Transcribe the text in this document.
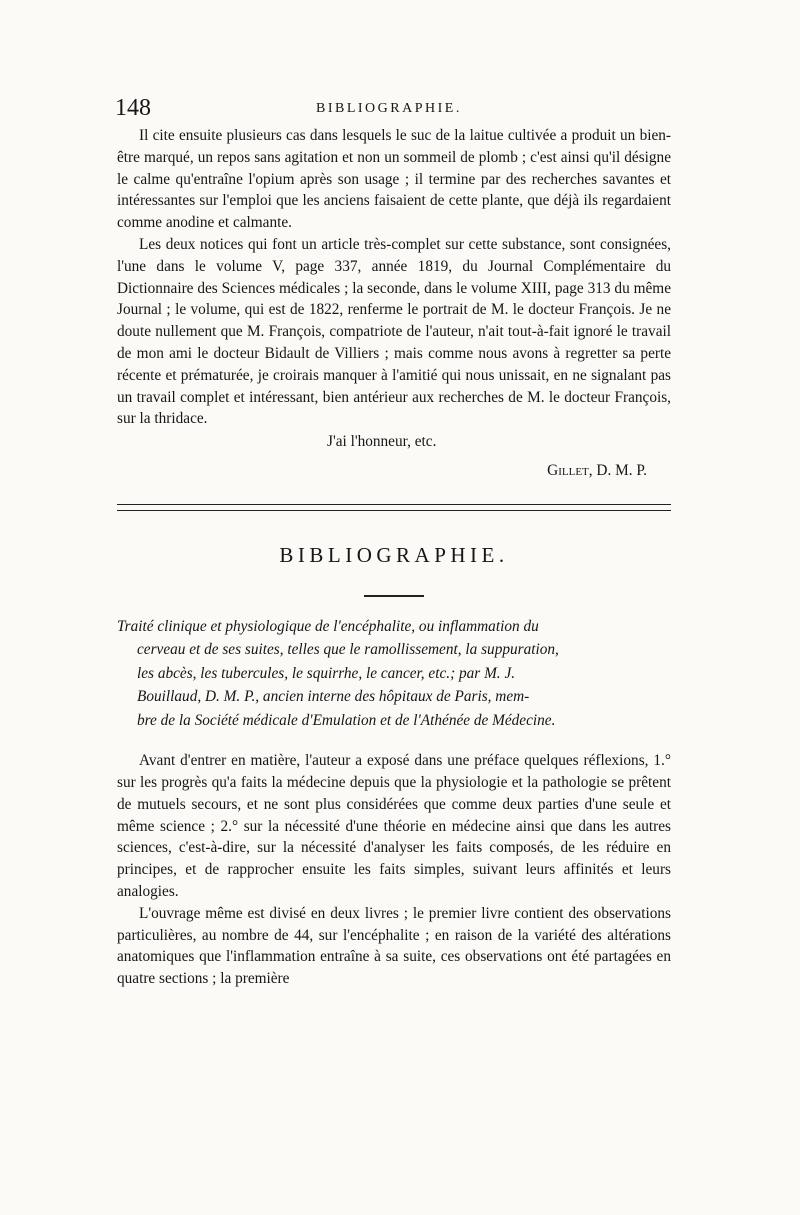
148	BIBLIOGRAPHIE.

Il cite ensuite plusieurs cas dans lesquels le suc de la laitue cultivée a produit un bien-être marqué, un repos sans agitation et non un sommeil de plomb ; c'est ainsi qu'il désigne le calme qu'entraîne l'opium après son usage ; il termine par des recherches savantes et intéressantes sur l'emploi que les anciens faisaient de cette plante, que déjà ils regardaient comme anodine et calmante.

Les deux notices qui font un article très-complet sur cette substance, sont consignées, l'une dans le volume V, page 337, année 1819, du Journal Complémentaire du Dictionnaire des Sciences médicales ; la seconde, dans le volume XIII, page 313 du même Journal ; le volume, qui est de 1822, renferme le portrait de M. le docteur François. Je ne doute nullement que M. François, compatriote de l'auteur, n'ait tout-à-fait ignoré le travail de mon ami le docteur Bidault de Villiers ; mais comme nous avons à regretter sa perte récente et prématurée, je croirais manquer à l'amitié qui nous unissait, en ne signalant pas un travail complet et intéressant, bien antérieur aux recherches de M. le docteur François, sur la thridace.

J'ai l'honneur, etc.

Gillet, D. M. P.

BIBLIOGRAPHIE.
Traité clinique et physiologique de l'encéphalite, ou inflammation du
cerveau et de ses suites, telles que le ramollissement, la suppuration,
les abcès, les tubercules, le squirrhe, le cancer, etc.; par M. J.
Bouillaud, D. M. P., ancien interne des hôpitaux de Paris, mem-
bre de la Société médicale d'Emulation et de l'Athénée de Médecine.

Avant d'entrer en matière, l'auteur a exposé dans une préface quelques réflexions, 1.° sur les progrès qu'a faits la médecine depuis que la physiologie et la pathologie se prêtent de mutuels secours, et ne sont plus considérées que comme deux parties d'une seule et même science ; 2.° sur la nécessité d'une théorie en médecine ainsi que dans les autres sciences, c'est-à-dire, sur la nécessité d'analyser les faits composés, de les réduire en principes, et de rapprocher ensuite les faits simples, suivant leurs affinités et leurs analogies.

L'ouvrage même est divisé en deux livres ; le premier livre contient des observations particulières, au nombre de 44, sur l'encéphalite ; en raison de la variété des altérations anatomiques que l'inflammation entraîne à sa suite, ces observations ont été partagées en quatre sections ; la première
